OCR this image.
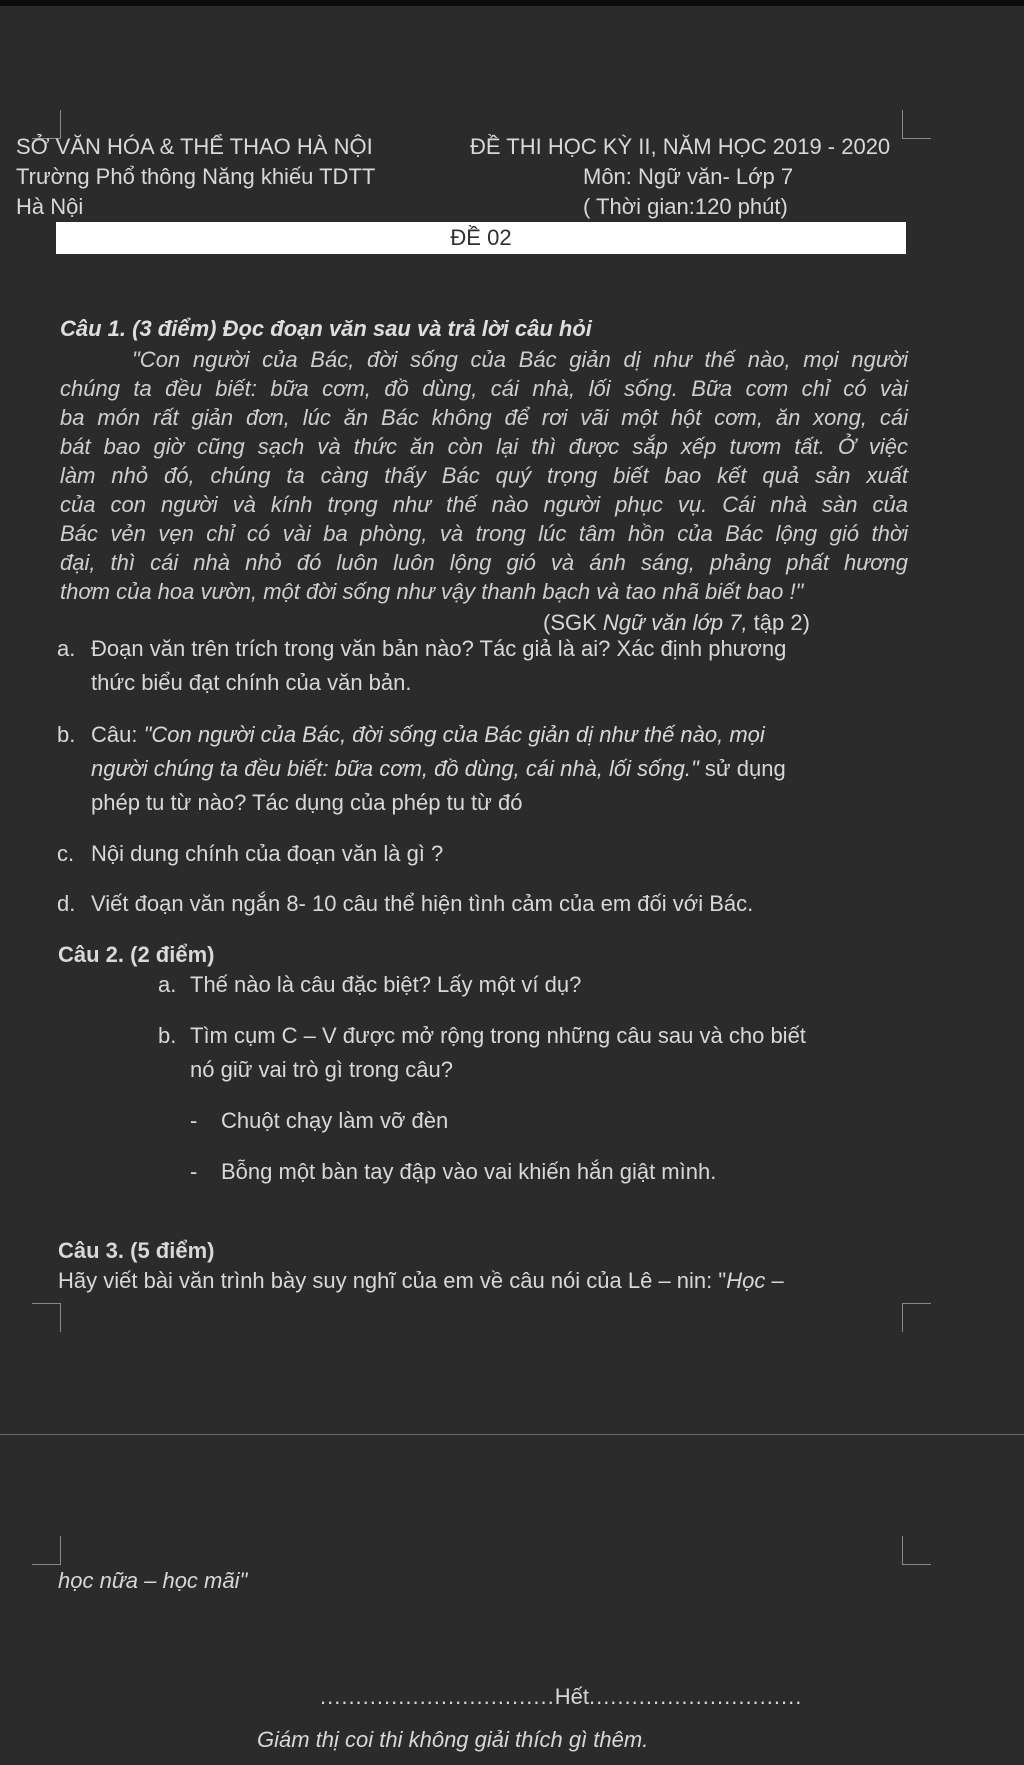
SỞ VĂN HÓA & THỂ THAO HÀ NỘI
Trường Phổ thông Năng khiếu TDTT
Hà Nội
ĐỀ THI HỌC KỲ II, NĂM HỌC 2019 - 2020
Môn: Ngữ văn- Lớp 7
( Thời gian:120 phút)
ĐỀ 02
Câu 1. (3 điểm) Đọc đoạn văn sau và trả lời câu hỏi
"Con người của Bác, đời sống của Bác giản dị như thế nào, mọi người
chúng ta đều biết: bữa cơm, đồ dùng, cái nhà, lối sống. Bữa cơm chỉ có vài
ba món rất giản đơn, lúc ăn Bác không để rơi vãi một hột cơm, ăn xong, cái
bát bao giờ cũng sạch và thức ăn còn lại thì được sắp xếp tươm tất. Ở việc
làm nhỏ đó, chúng ta càng thấy Bác quý trọng biết bao kết quả sản xuất
của con người và kính trọng như thế nào người phục vụ. Cái nhà sàn của
Bác vẻn vẹn chỉ có vài ba phòng, và trong lúc tâm hồn của Bác lộng gió thời
đại, thì cái nhà nhỏ đó luôn luôn lộng gió và ánh sáng, phảng phất hương
thơm của hoa vườn, một đời sống như vậy thanh bạch và tao nhã biết bao !"
(SGK Ngữ văn lớp 7, tập 2)
a. Đoạn văn trên trích trong văn bản nào? Tác giả là ai? Xác định phương
thức biểu đạt chính của văn bản.
b. Câu: "Con người của Bác, đời sống của Bác giản dị như thế nào, mọi
người chúng ta đều biết: bữa cơm, đồ dùng, cái nhà, lối sống." sử dụng
phép tu từ nào? Tác dụng của phép tu từ đó
c. Nội dung chính của đoạn văn là gì ?
d. Viết đoạn văn ngắn 8- 10 câu thể hiện tình cảm của em đối với Bác.
Câu 2. (2 điểm)
a. Thế nào là câu đặc biệt? Lấy một ví dụ?
b. Tìm cụm C – V được mở rộng trong những câu sau và cho biết
nó giữ vai trò gì trong câu?
- Chuột chạy làm vỡ đèn
- Bỗng một bàn tay đập vào vai khiến hắn giật mình.
Câu 3. (5 điểm)
Hãy viết bài văn trình bày suy nghĩ của em về câu nói của Lê – nin: "Học –
học nữa – học mãi"
.................................Hết..............................
Giám thị coi thi không giải thích gì thêm.
